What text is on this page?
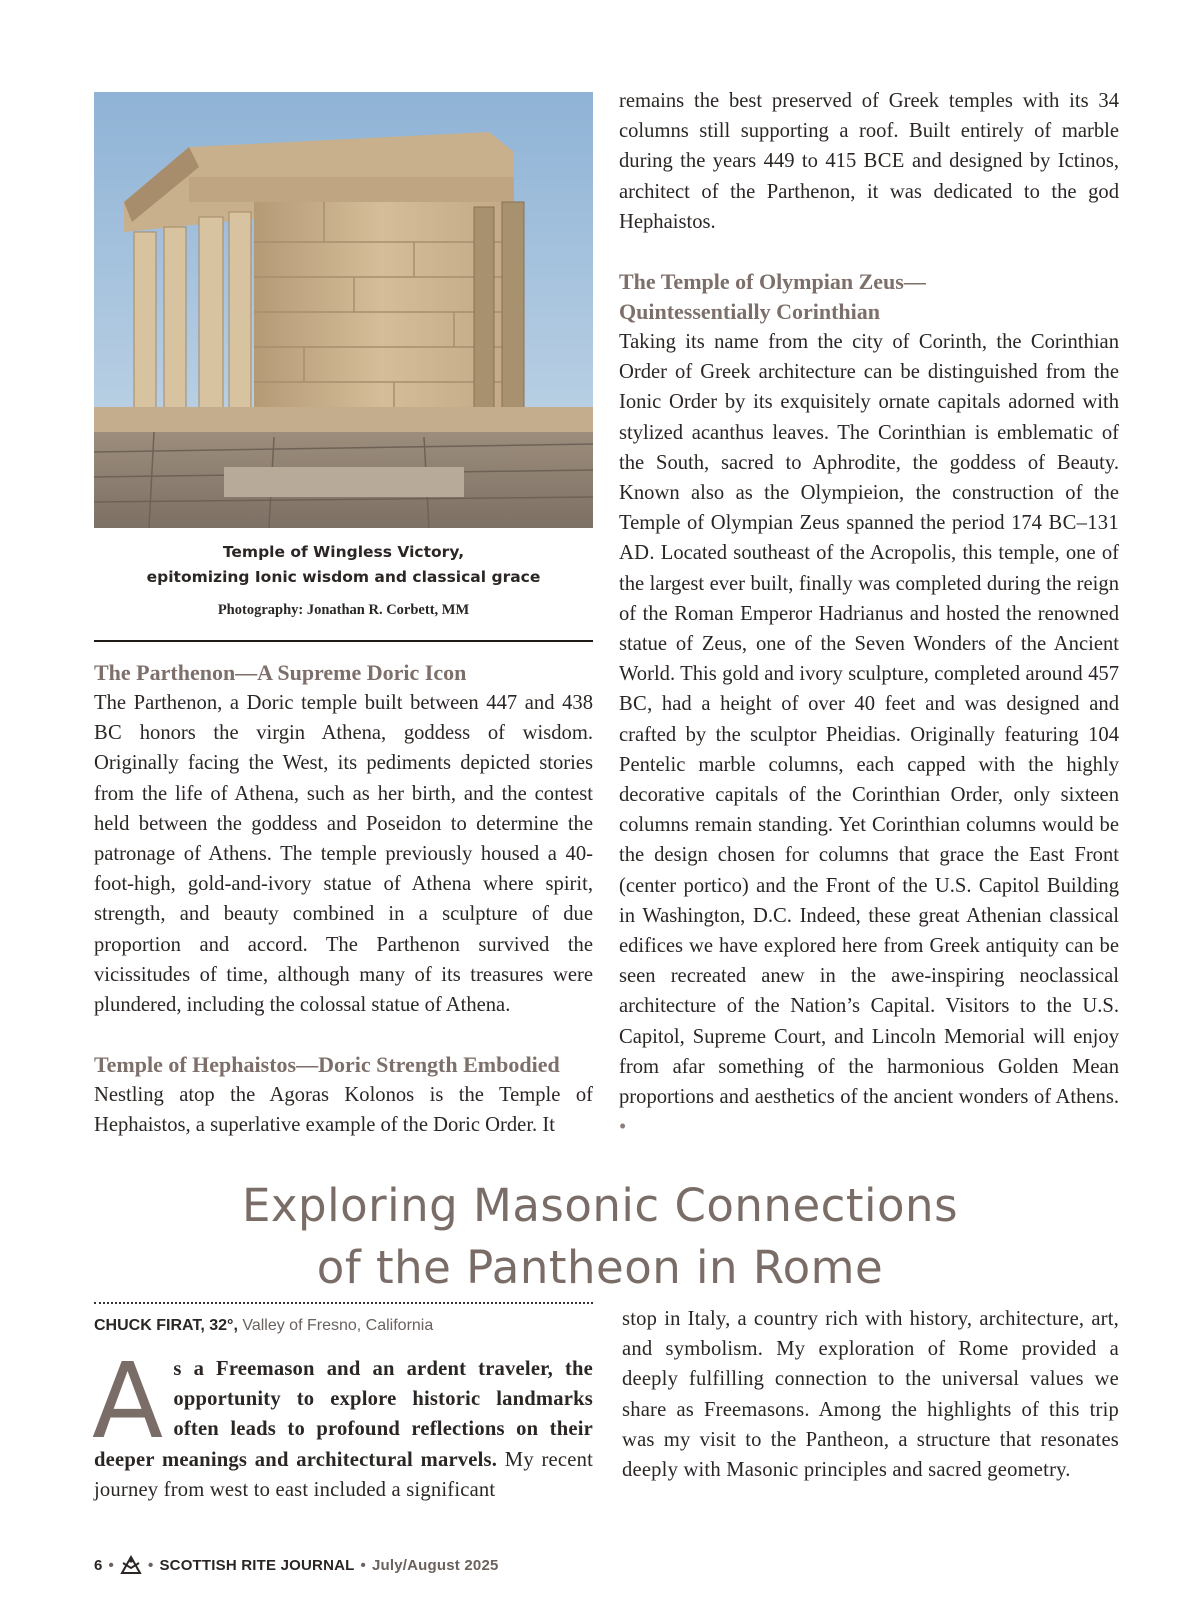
Temple of Wingless Victory,
epitomizing Ionic wisdom and classical grace
Photography: Jonathan R. Corbett, MM

The Parthenon—A Supreme Doric Icon

The Parthenon, a Doric temple built between 447 and 438 BC honors the virgin Athena, goddess of wisdom. Originally facing the West, its pediments depicted stories from the life of Athena, such as her birth, and the contest held between the goddess and Poseidon to determine the patronage of Athens. The temple previously housed a 40-foot-high, gold-and-ivory statue of Athena where spirit, strength, and beauty combined in a sculpture of due proportion and accord. The Parthenon survived the vicissitudes of time, although many of its treasures were plundered, including the colossal statue of Athena.

Temple of Hephaistos—Doric Strength Embodied

Nestling atop the Agoras Kolonos is the Temple of Hephaistos, a superlative example of the Doric Order. It

remains the best preserved of Greek temples with its 34 columns still supporting a roof. Built entirely of marble during the years 449 to 415 BCE and designed by Ictinos, architect of the Parthenon, it was dedicated to the god Hephaistos.

The Temple of Olympian Zeus—

Quintessentially Corinthian

Taking its name from the city of Corinth, the Corinthian Order of Greek architecture can be distinguished from the Ionic Order by its exquisitely ornate capitals adorned with stylized acanthus leaves. The Corinthian is emblematic of the South, sacred to Aphrodite, the goddess of Beauty. Known also as the Olympieion, the construction of the Temple of Olympian Zeus spanned the period 174 BC–131 AD. Located southeast of the Acropolis, this temple, one of the largest ever built, finally was completed during the reign of the Roman Emperor Hadrianus and hosted the renowned statue of Zeus, one of the Seven Wonders of the Ancient World. This gold and ivory sculpture, completed around 457 BC, had a height of over 40 feet and was designed and crafted by the sculptor Pheidias. Originally featuring 104 Pentelic marble columns, each capped with the highly decorative capitals of the Corinthian Order, only sixteen columns remain standing. Yet Corinthian columns would be the design chosen for columns that grace the East Front (center portico) and the Front of the U.S. Capitol Building in Washington, D.C. Indeed, these great Athenian classical edifices we have explored here from Greek antiquity can be seen recreated anew in the awe-inspiring neoclassical architecture of the Nation’s Capital. Visitors to the U.S. Capitol, Supreme Court, and Lincoln Memorial will enjoy from afar something of the harmonious Golden Mean proportions and aesthetics of the ancient wonders of Athens. •

Exploring Masonic Connections
of the Pantheon in Rome
CHUCK FIRAT, 32°, Valley of Fresno, California

As a Freemason and an ardent traveler, the opportunity to explore historic landmarks often leads to profound reflections on their deeper meanings and architectural marvels. My recent journey from west to east included a significant

stop in Italy, a country rich with history, architecture, art, and symbolism. My exploration of Rome provided a deeply fulfilling connection to the universal values we share as Freemasons. Among the highlights of this trip was my visit to the Pantheon, a structure that resonates deeply with Masonic principles and sacred geometry.

6 • • SCOTTISH RITE JOURNAL • July/August 2025
